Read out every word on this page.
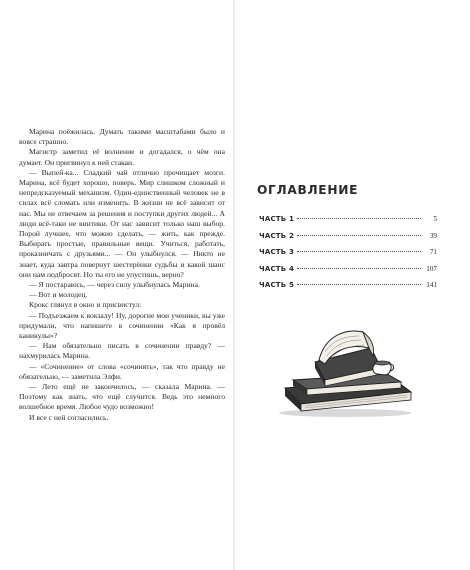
Марина поёжилась. Думать такими масштабами было и вовсе страшно.

Магистр заметил её волнение и догадался, о чём она думает. Он пригвинул к ней стакан.

— Выпей-ка... Сладкий чай отлично прочищает мозги. Марина, всё будет хорошо, поверь. Мир слишком сложный и непредсказуемый механизм. Один-единственный человек не в силах всё сломать или изменить. В жизни не всё зависит от нас. Мы не отвечаем за решения и поступки других людей... А люди всё-таки не винтики. От нас зависит только наш выбор. Порой лучшее, что можно сделать, — жить, как прежде. Выбирать простые, правильные вещи. Учиться, работать, проказничать с друзьями... — Он улыбнулся. — Никто не знает, куда завтра повернут шестерёнки судьбы и какой шанс они нам подбросят. Но ты его не упустишь, верно?

— Я постараюсь, — через силу улыбнулась Марина.

— Вот и молодец.

Крокс глянул в окно и присвистул:

— Подъезжаем к вокзалу! Ну, дорогие мои ученики, вы уже придумали, что напишете в сочинении «Как я провёл каникулы»?

— Нам обязательно писать в сочинении правду? — нахмурилась Марина.

— «Сочинение» от слова «сочинять», так что правду не обязательно, — заметила Элфи.

— Лето ещё не закончилось, — сказала Марина. — Поэтому как знать, что ещё случится. Ведь это немного волшебное время. Любое чудо возможно!

И все с ней согласились.

ОГЛАВЛЕНИЕ
ЧАСТЬ 1	5
ЧАСТЬ 2	39
ЧАСТЬ 3	71
ЧАСТЬ 4	107
ЧАСТЬ 5	141
